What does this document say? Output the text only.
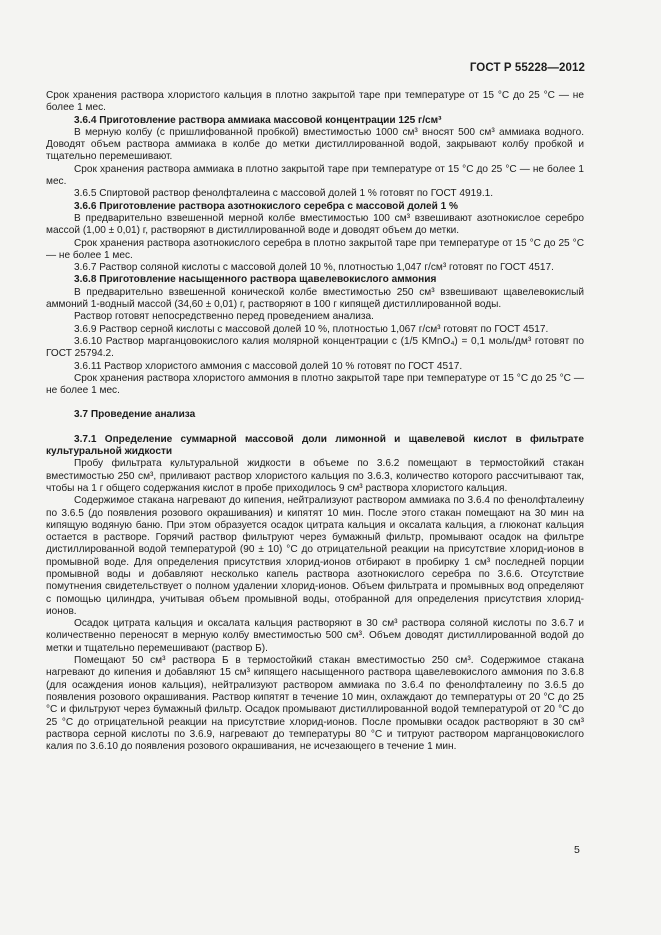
ГОСТ Р 55228—2012

Срок хранения раствора хлористого кальция в плотно закрытой таре при температуре от 15 °С до 25 °С — не более 1 мес.

3.6.4 Приготовление раствора аммиака массовой концентрации 125 г/см³

В мерную колбу (с пришлифованной пробкой) вместимостью 1000 см³ вносят 500 см³ аммиака водного. Доводят объем раствора аммиака в колбе до метки дистиллированной водой, закрывают колбу пробкой и тщательно перемешивают.

Срок хранения раствора аммиака в плотно закрытой таре при температуре от 15 °С до 25 °С — не более 1 мес.

3.6.5 Спиртовой раствор фенолфталеина с массовой долей 1 % готовят по ГОСТ 4919.1.

3.6.6 Приготовление раствора азотнокислого серебра с массовой долей 1 %

В предварительно взвешенной мерной колбе вместимостью 100 см³ взвешивают азотнокислое серебро массой (1,00 ± 0,01) г, растворяют в дистиллированной воде и доводят объем до метки.

Срок хранения раствора азотнокислого серебра в плотно закрытой таре при температуре от 15 °С до 25 °С — не более 1 мес.

3.6.7 Раствор соляной кислоты с массовой долей 10 %, плотностью 1,047 г/см³ готовят по ГОСТ 4517.

3.6.8 Приготовление насыщенного раствора щавелевокислого аммония

В предварительно взвешенной конической колбе вместимостью 250 см³ взвешивают щавелевокислый аммоний 1-водный массой (34,60 ± 0,01) г, растворяют в 100 г кипящей дистиллированной воды.

Раствор готовят непосредственно перед проведением анализа.

3.6.9 Раствор серной кислоты с массовой долей 10 %, плотностью 1,067 г/см³ готовят по ГОСТ 4517.

3.6.10 Раствор марганцовокислого калия молярной концентрации c (1/5 KMnO₄) = 0,1 моль/дм³ готовят по ГОСТ 25794.2.

3.6.11 Раствор хлористого аммония с массовой долей 10 % готовят по ГОСТ 4517.

Срок хранения раствора хлористого аммония в плотно закрытой таре при температуре от 15 °С до 25 °С — не более 1 мес.

3.7 Проведение анализа

3.7.1 Определение суммарной массовой доли лимонной и щавелевой кислот в фильтрате культуральной жидкости

Пробу фильтрата культуральной жидкости в объеме по 3.6.2 помещают в термостойкий стакан вместимостью 250 см³, приливают раствор хлористого кальция по 3.6.3, количество которого рассчитывают так, чтобы на 1 г общего содержания кислот в пробе приходилось 9 см³ раствора хлористого кальция.

Содержимое стакана нагревают до кипения, нейтрализуют раствором аммиака по 3.6.4 по фенолфталеину по 3.6.5 (до появления розового окрашивания) и кипятят 10 мин. После этого стакан помещают на 30 мин на кипящую водяную баню. При этом образуется осадок цитрата кальция и оксалата кальция, а глюконат кальция остается в растворе. Горячий раствор фильтруют через бумажный фильтр, промывают осадок на фильтре дистиллированной водой температурой (90 ± 10) °С до отрицательной реакции на присутствие хлорид-ионов в промывной воде. Для определения присутствия хлорид-ионов отбирают в пробирку 1 см³ последней порции промывной воды и добавляют несколько капель раствора азотнокислого серебра по 3.6.6. Отсутствие помутнения свидетельствует о полном удалении хлорид-ионов. Объем фильтрата и промывных вод определяют с помощью цилиндра, учитывая объем промывной воды, отобранной для определения присутствия хлорид-ионов.

Осадок цитрата кальция и оксалата кальция растворяют в 30 см³ раствора соляной кислоты по 3.6.7 и количественно переносят в мерную колбу вместимостью 500 см³. Объем доводят дистиллированной водой до метки и тщательно перемешивают (раствор Б).

Помещают 50 см³ раствора Б в термостойкий стакан вместимостью 250 см³. Содержимое стакана нагревают до кипения и добавляют 15 см³ кипящего насыщенного раствора щавелевокислого аммония по 3.6.8 (для осаждения ионов кальция), нейтрализуют раствором аммиака по 3.6.4 по фенолфталеину по 3.6.5 до появления розового окрашивания. Раствор кипятят в течение 10 мин, охлаждают до температуры от 20 °С до 25 °С и фильтруют через бумажный фильтр. Осадок промывают дистиллированной водой температурой от 20 °С до 25 °С до отрицательной реакции на присутствие хлорид-ионов. После промывки осадок растворяют в 30 см³ раствора серной кислоты по 3.6.9, нагревают до температуры 80 °С и титруют раствором марганцовокислого калия по 3.6.10 до появления розового окрашивания, не исчезающего в течение 1 мин.

5
